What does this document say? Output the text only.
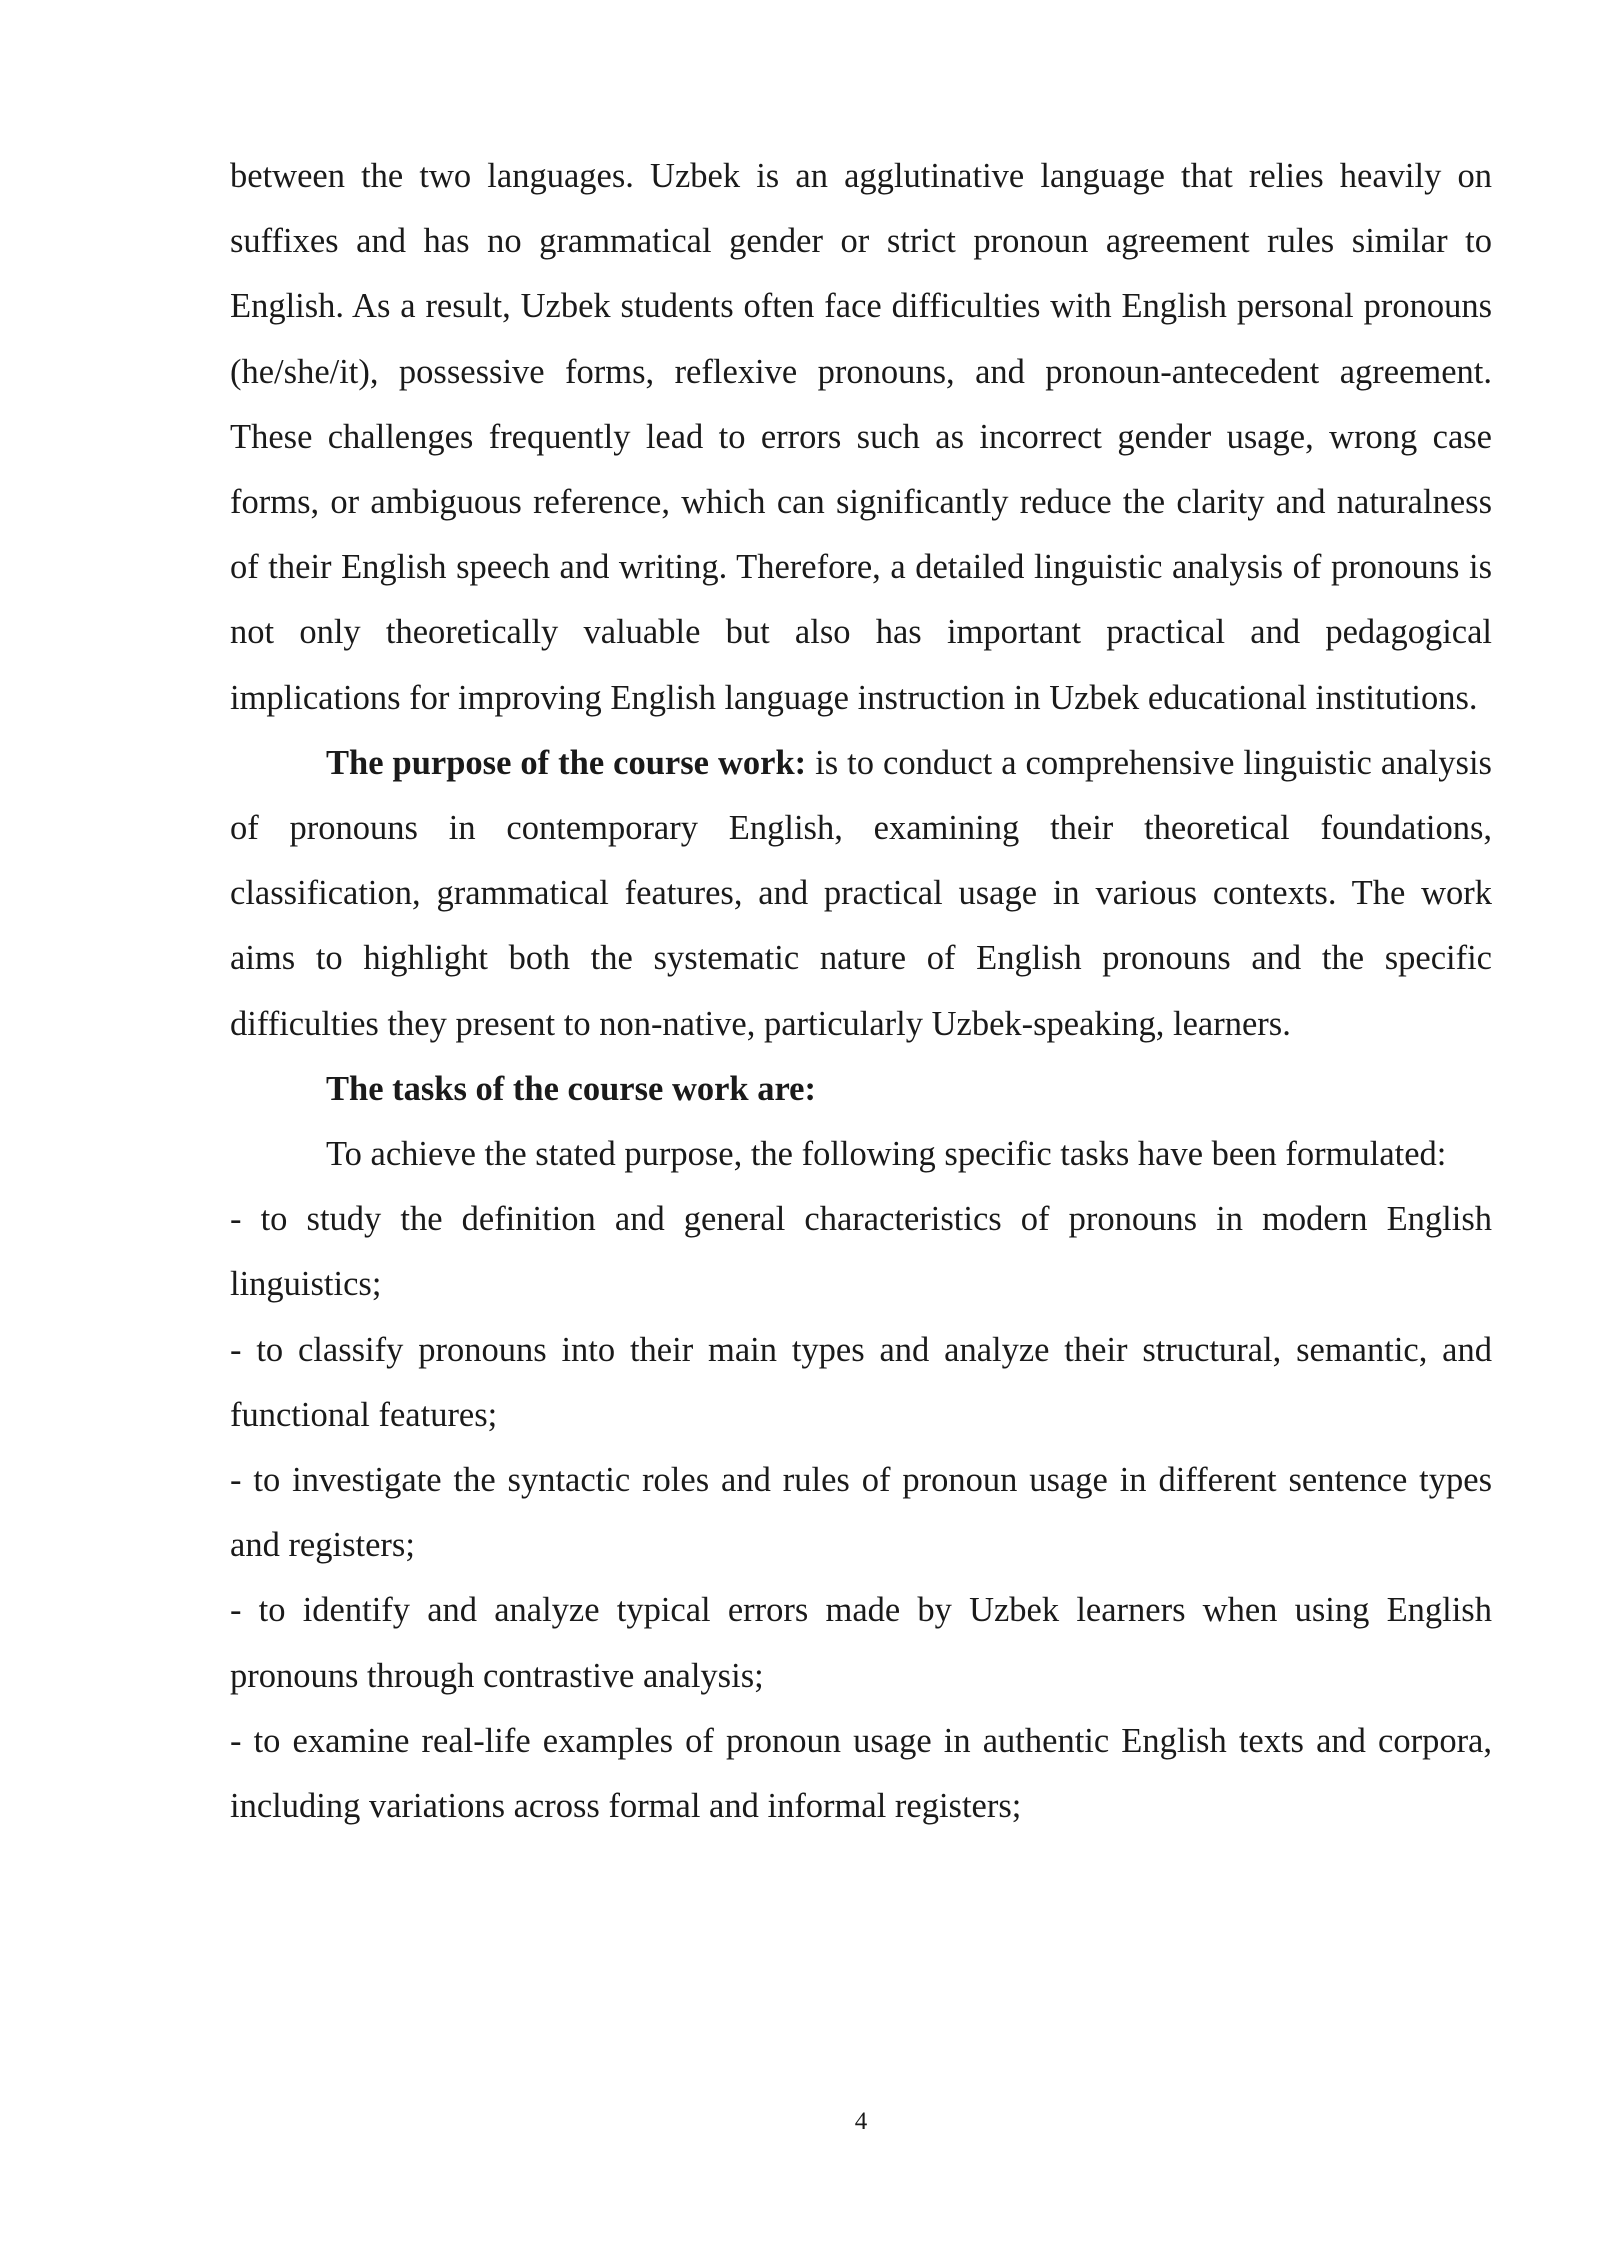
between the two languages. Uzbek is an agglutinative language that relies heavily on suffixes and has no grammatical gender or strict pronoun agreement rules similar to English. As a result, Uzbek students often face difficulties with English personal pronouns (he/she/it), possessive forms, reflexive pronouns, and pronoun-antecedent agreement. These challenges frequently lead to errors such as incorrect gender usage, wrong case forms, or ambiguous reference, which can significantly reduce the clarity and naturalness of their English speech and writing. Therefore, a detailed linguistic analysis of pronouns is not only theoretically valuable but also has important practical and pedagogical implications for improving English language instruction in Uzbek educational institutions.

The purpose of the course work: is to conduct a comprehensive linguistic analysis of pronouns in contemporary English, examining their theoretical foundations, classification, grammatical features, and practical usage in various contexts. The work aims to highlight both the systematic nature of English pronouns and the specific difficulties they present to non-native, particularly Uzbek-speaking, learners.

The tasks of the course work are:

To achieve the stated purpose, the following specific tasks have been formulated:

- to study the definition and general characteristics of pronouns in modern English linguistics;

- to classify pronouns into their main types and analyze their structural, semantic, and functional features;

- to investigate the syntactic roles and rules of pronoun usage in different sentence types and registers;

- to identify and analyze typical errors made by Uzbek learners when using English pronouns through contrastive analysis;

- to examine real-life examples of pronoun usage in authentic English texts and corpora, including variations across formal and informal registers;

4
